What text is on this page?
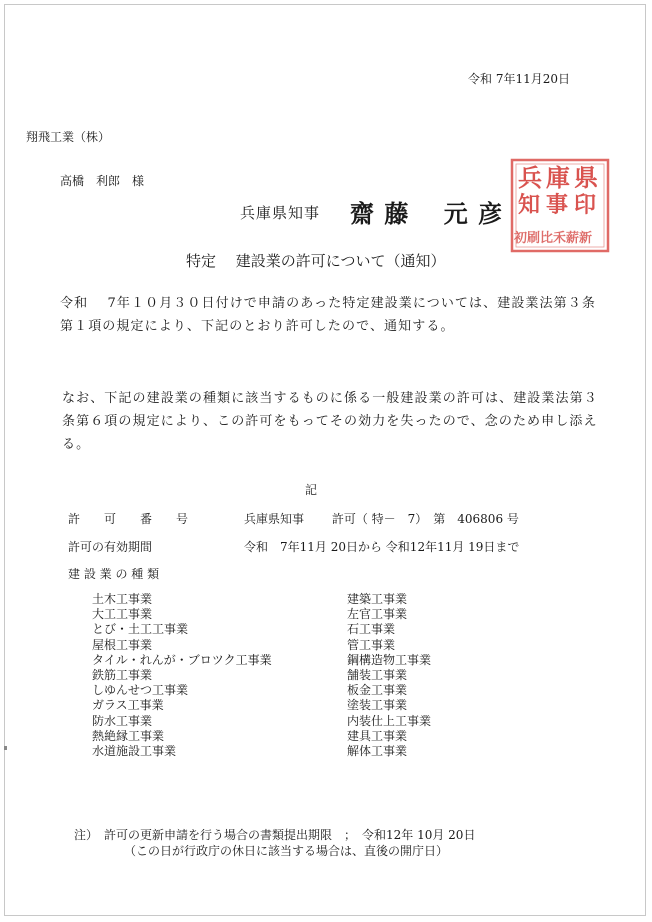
令和 7年11月20日
翔飛工業（株）
高橋　利郎　様
兵庫県知事 齋 藤　 元 彦
県
印
庫
事
兵
知
初刷比禾薪新
特定　 建設業の許可について（通知）
令和　 7年１０月３０日付けで申請のあった特定建設業については、建設業法第３条第１項の規定により、下記のとおり許可したので、通知する。
なお、下記の建設業の種類に該当するものに係る一般建設業の許可は、建設業法第３条第６項の規定により、この許可をもってその効力を失ったので、念のため申し添える。
記
許　　可　　番　　号	兵庫県知事　　 許可（ 特－　7）　第　406806 号
許可の有効期間	令和　7年11月 20日から 令和12年11月 19日まで
建 設 業 の 種 類
土木工事業
大工工事業
とび・土工工事業
屋根工事業
タイル・れんが・ブロツク工事業
鉄筋工事業
しゆんせつ工事業
ガラス工事業
防水工事業
熱絶縁工事業
水道施設工事業
建築工事業
左官工事業
石工事業
管工事業
鋼構造物工事業
舗装工事業
板金工事業
塗装工事業
内装仕上工事業
建具工事業
解体工事業
注）　許可の更新申請を行う場合の書類提出期限　；　令和12年 10月 20日
（この日が行政庁の休日に該当する場合は、直後の開庁日）
